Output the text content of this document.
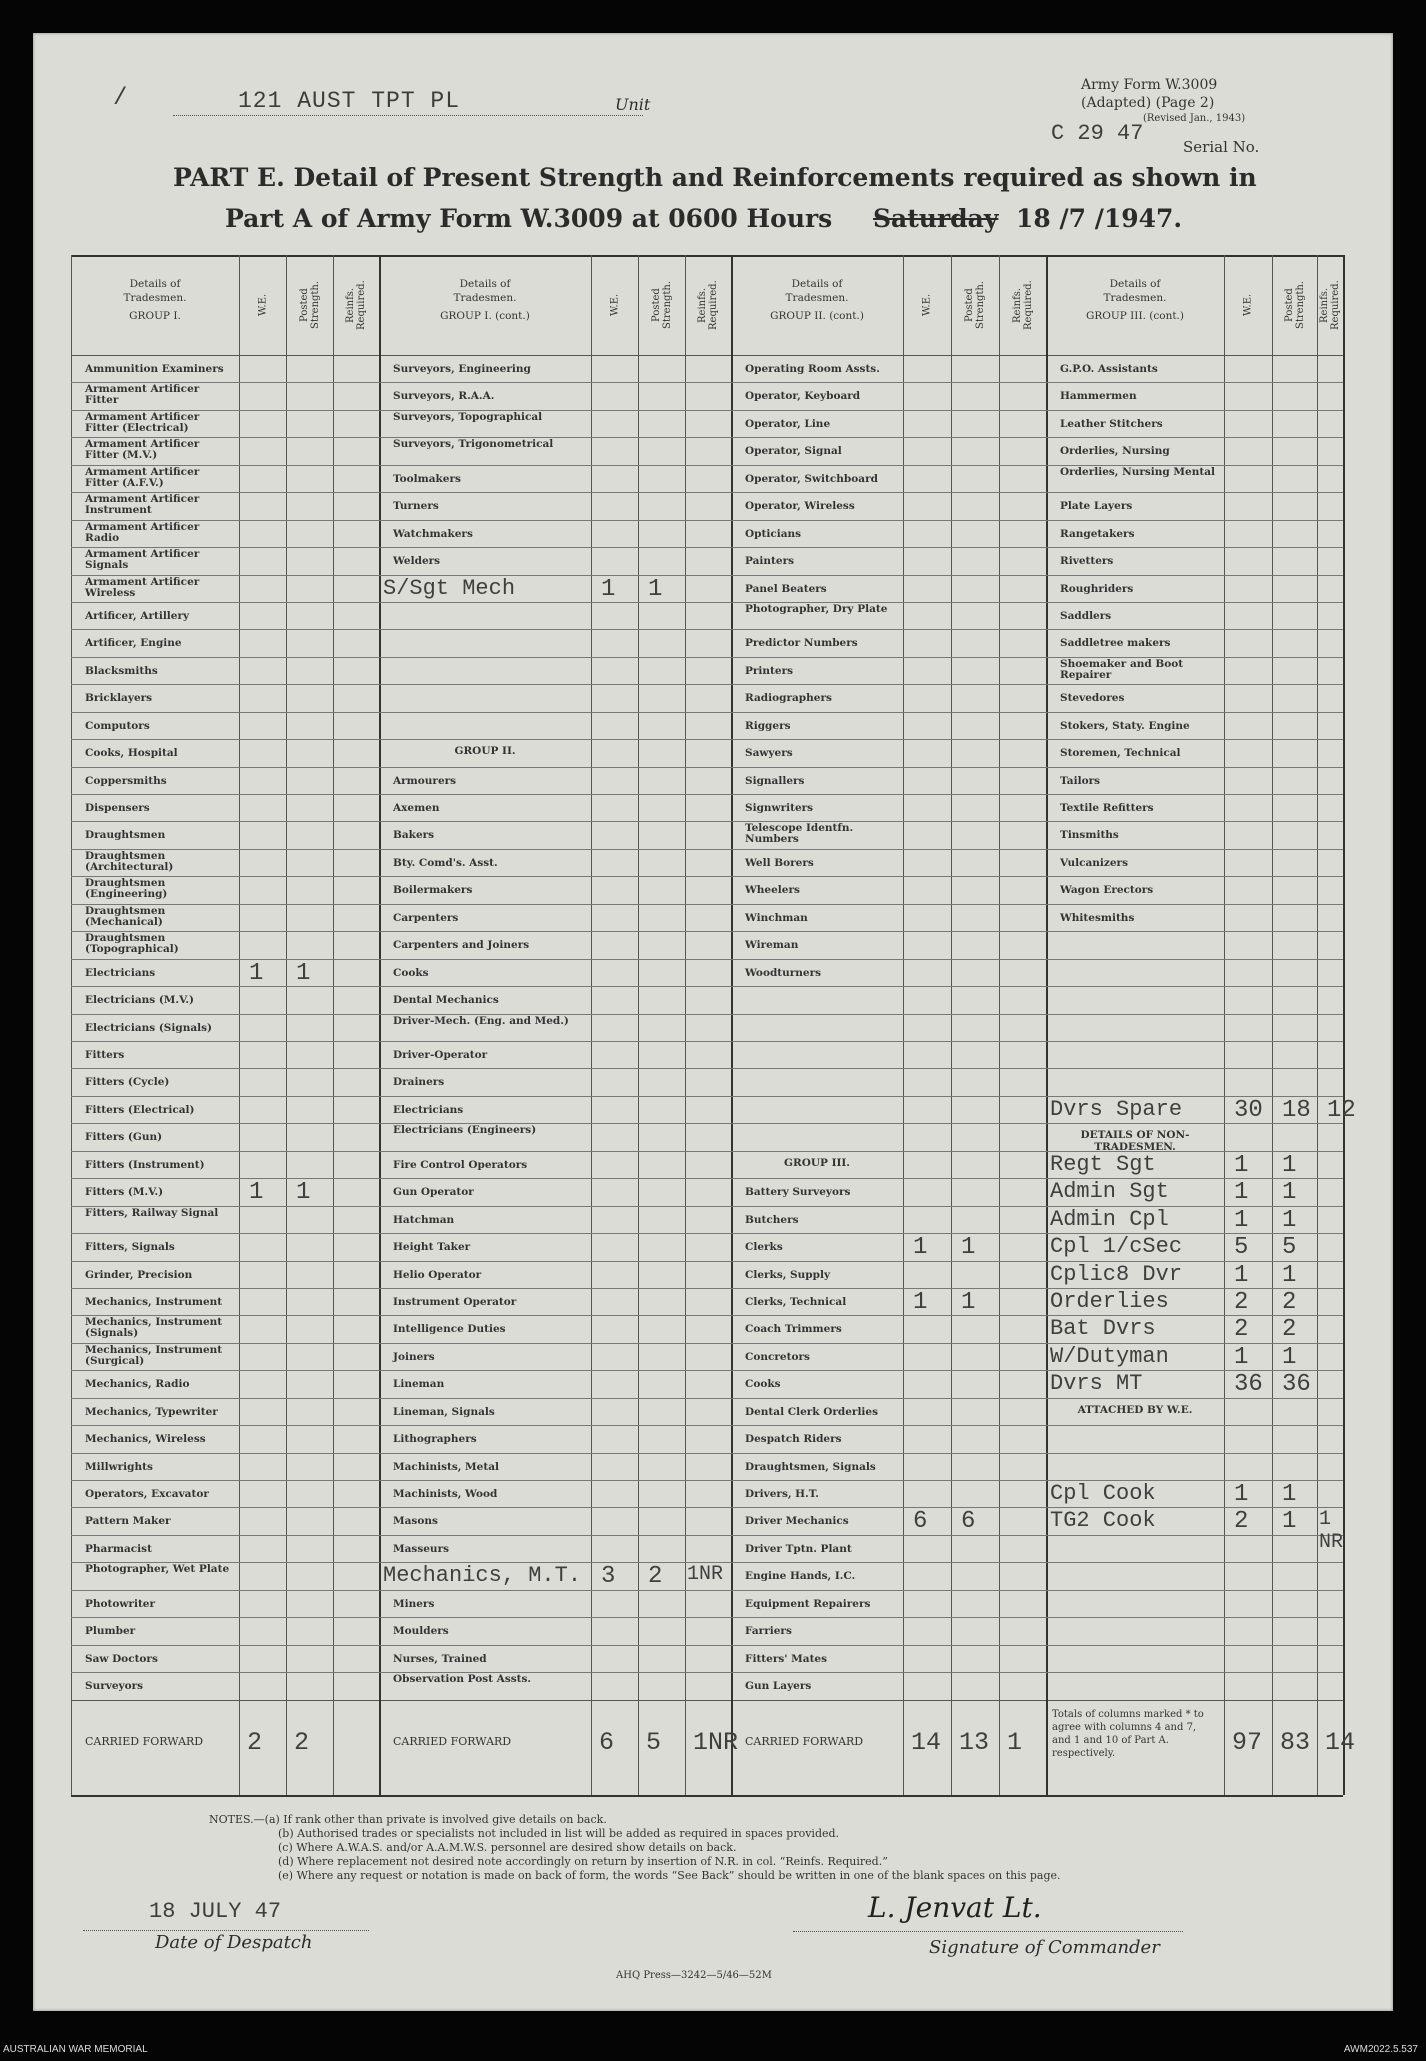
/	121 AUST TPT PL	Unit
Army Form W.3009
(Adapted) (Page 2)
(Revised Jan., 1943)
C 29 47
Serial No.
PART E. Detail of Present Strength and Reinforcements required as shown in
Part A of Army Form W.3009 at 0600 Hours Saturday 18 /7 /1947.
Details of Tradesmen.
GROUP I.	W.E.	Posted Strength. Reinfs. Required.
Ammunition Examiners
Armament Artificer Fitter
Armament Artificer Fitter (Electrical)
Armament Artificer Fitter (M.V.)
Armament Artificer Fitter (A.F.V.)
Armament Artificer Instrument
Armament Artificer Radio
Armament Artificer Signals
Armament Artificer Wireless
Artificer, Artillery
Artificer, Engine
Blacksmiths
Bricklayers
Computors
Cooks, Hospital
Coppersmiths
Dispensers
Draughtsmen
Draughtsmen (Architectural)
Draughtsmen (Engineering)
Draughtsmen (Mechanical)
Draughtsmen (Topographical)
Electricians	1 1
Electricians (M.V.)
Electricians (Signals)
Fitters
Fitters (Cycle)
Fitters (Electrical)
Fitters (Gun)
Fitters (Instrument)
Fitters (M.V.)	1 1
Fitters, Railway Signal
Fitters, Signals
Grinder, Precision
Mechanics, Instrument
Mechanics, Instrument (Signals)
Mechanics, Instrument (Surgical)
Mechanics, Radio
Mechanics, Typewriter
Mechanics, Wireless
Millwrights
Operators, Excavator
Pattern Maker
Pharmacist
Photographer, Wet Plate
Photowriter
Plumber
Saw Doctors
Surveyors
CARRIED FORWARD 2 2
Details of Tradesmen.
GROUP I. (cont.)	W.E.	Posted Strength. Reinfs. Required.
Surveyors, Engineering
Surveyors, R.A.A.
Surveyors, Topographical
Surveyors, Trigonometrical
Toolmakers
Turners
Watchmakers
Welders
S/Sgt Mech	1 1
GROUP II.
Armourers
Axemen
Bakers
Bty. Comd's. Asst.
Boilermakers
Carpenters
Carpenters and Joiners
Cooks
Dental Mechanics
Driver-Mech. (Eng. and Med.)
Driver-Operator
Drainers
Electricians
Electricians (Engineers)
Fire Control Operators
Gun Operator
Hatchman
Height Taker
Helio Operator
Instrument Operator
Intelligence Duties
Joiners
Lineman
Lineman, Signals
Lithographers
Machinists, Metal
Machinists, Wood
Masons
Masseurs
Mechanics, M.T. 3 2 1NR
Miners
Moulders
Nurses, Trained
Observation Post Assts.
CARRIED FORWARD	6 5 1NR
Details of Tradesmen.
GROUP II. (cont.)	W.E.	Posted Strength.	Reinfs. Required.
Operating Room Assts.
Operator, Keyboard
Operator, Line
Operator, Signal
Operator, Switchboard
Operator, Wireless
Opticians
Painters
Panel Beaters
Photographer, Dry Plate
Predictor Numbers
Printers
Radiographers
Riggers
Sawyers
Signallers
Signwriters
Telescope Identfn. Numbers
Well Borers
Wheelers
Winchman
Wireman
Woodturners
GROUP III.
Battery Surveyors
Butchers
Clerks	1 1
Clerks, Supply
Clerks, Technical	1 1
Coach Trimmers
Concretors
Cooks
Dental Clerk Orderlies
Despatch Riders
Draughtsmen, Signals
Drivers, H.T.
Driver Mechanics	6 6
Driver Tptn. Plant
Engine Hands, I.C.
Equipment Repairers
Farriers
Fitters' Mates
Gun Layers
CARRIED FORWARD 14 13 1
Details of Tradesmen.
GROUP III. (cont.)	W.E.	Posted Strength. Reinfs. Required.
G.P.O. Assistants
Hammermen
Leather Stitchers
Orderlies, Nursing
Orderlies, Nursing Mental
Plate Layers
Rangetakers
Rivetters
Roughriders
Saddlers
Saddletree makers
Shoemaker and Boot Repairer
Stevedores
Stokers, Staty. Engine
Storemen, Technical
Tailors
Textile Refitters
Tinsmiths
Vulcanizers
Wagon Erectors
Whitesmiths
Dvrs Spare 30 18 12
DETAILS OF NON-TRADESMEN.
Regt Sgt	1 1
Admin Sgt	1 1
Admin Cpl	1 1
Cpl 1/cSec 5 5
Cplic8 Dvr 1 1
Orderlies	2 2
Bat Dvrs	2 2
W/Dutyman	1 1
Dvrs MT	36 36
ATTACHED BY W.E.
Cpl Cook	1 1
TG2 Cook	2 1 1 NR
Totals of columns marked * to agree with columns 4 and 7, and 1 and 10 of Part A. respectively.	97 83 14
NOTES.—(a) If rank other than private is involved give details on back.
(b) Authorised trades or specialists not included in list will be added as required in spaces provided.
(c) Where A.W.A.S. and/or A.A.M.W.S. personnel are desired show details on back.
(d) Where replacement not desired note accordingly on return by insertion of N.R. in col. “Reinfs. Required.”
(e) Where any request or notation is made on back of form, the words “See Back” should be written in one of the blank spaces on this page.
18 JULY 47
Date of Despatch
L. Jenvat Lt.
Signature of Commander
AHQ Press—3242—5/46—52M
AUSTRALIAN WAR MEMORIAL	AWM2022.5.537
